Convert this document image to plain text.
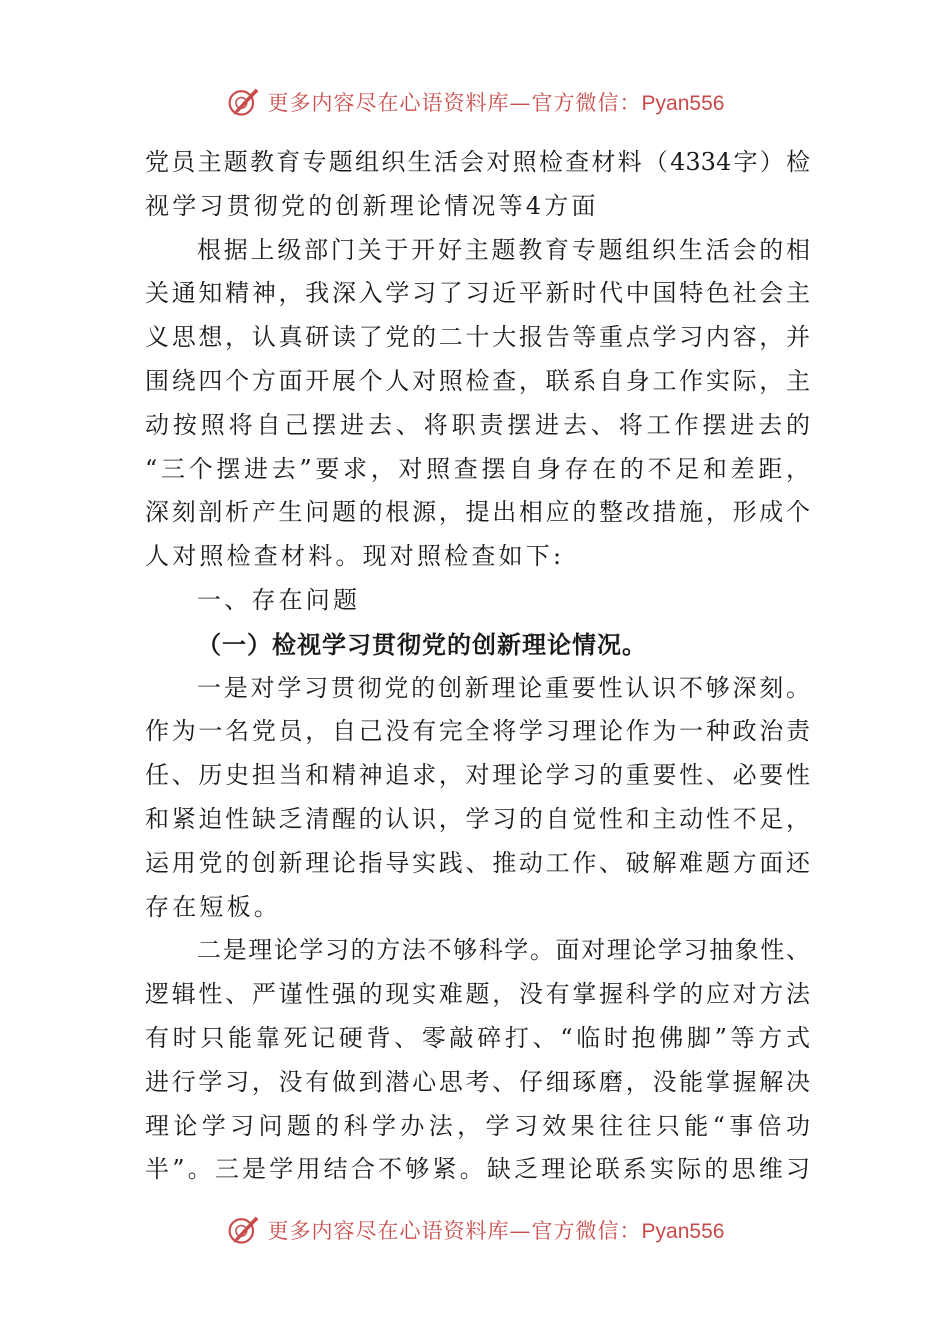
更多内容尽在心语资料库—官方微信：Pyan556
党员主题教育专题组织生活会对照检查材料（4334字）检
视学习贯彻党的创新理论情况等4方面
根据上级部门关于开好主题教育专题组织生活会的相
关通知精神，我深入学习了习近平新时代中国特色社会主
义思想，认真研读了党的二十大报告等重点学习内容，并
围绕四个方面开展个人对照检查，联系自身工作实际，主
动按照将自己摆进去、将职责摆进去、将工作摆进去的
“三个摆进去”要求，对照查摆自身存在的不足和差距，
深刻剖析产生问题的根源，提出相应的整改措施，形成个
人对照检查材料。现对照检查如下:
一、存在问题
（一）检视学习贯彻党的创新理论情况。
一是对学习贯彻党的创新理论重要性认识不够深刻。
作为一名党员，自己没有完全将学习理论作为一种政治责
任、历史担当和精神追求，对理论学习的重要性、必要性
和紧迫性缺乏清醒的认识，学习的自觉性和主动性不足，
运用党的创新理论指导实践、推动工作、破解难题方面还
存在短板。
二是理论学习的方法不够科学。面对理论学习抽象性、
逻辑性、严谨性强的现实难题，没有掌握科学的应对方法
有时只能靠死记硬背、零敲碎打、“临时抱佛脚”等方式
进行学习，没有做到潜心思考、仔细琢磨，没能掌握解决
理论学习问题的科学办法，学习效果往往只能“事倍功
半”。三是学用结合不够紧。缺乏理论联系实际的思维习
更多内容尽在心语资料库—官方微信：Pyan556
